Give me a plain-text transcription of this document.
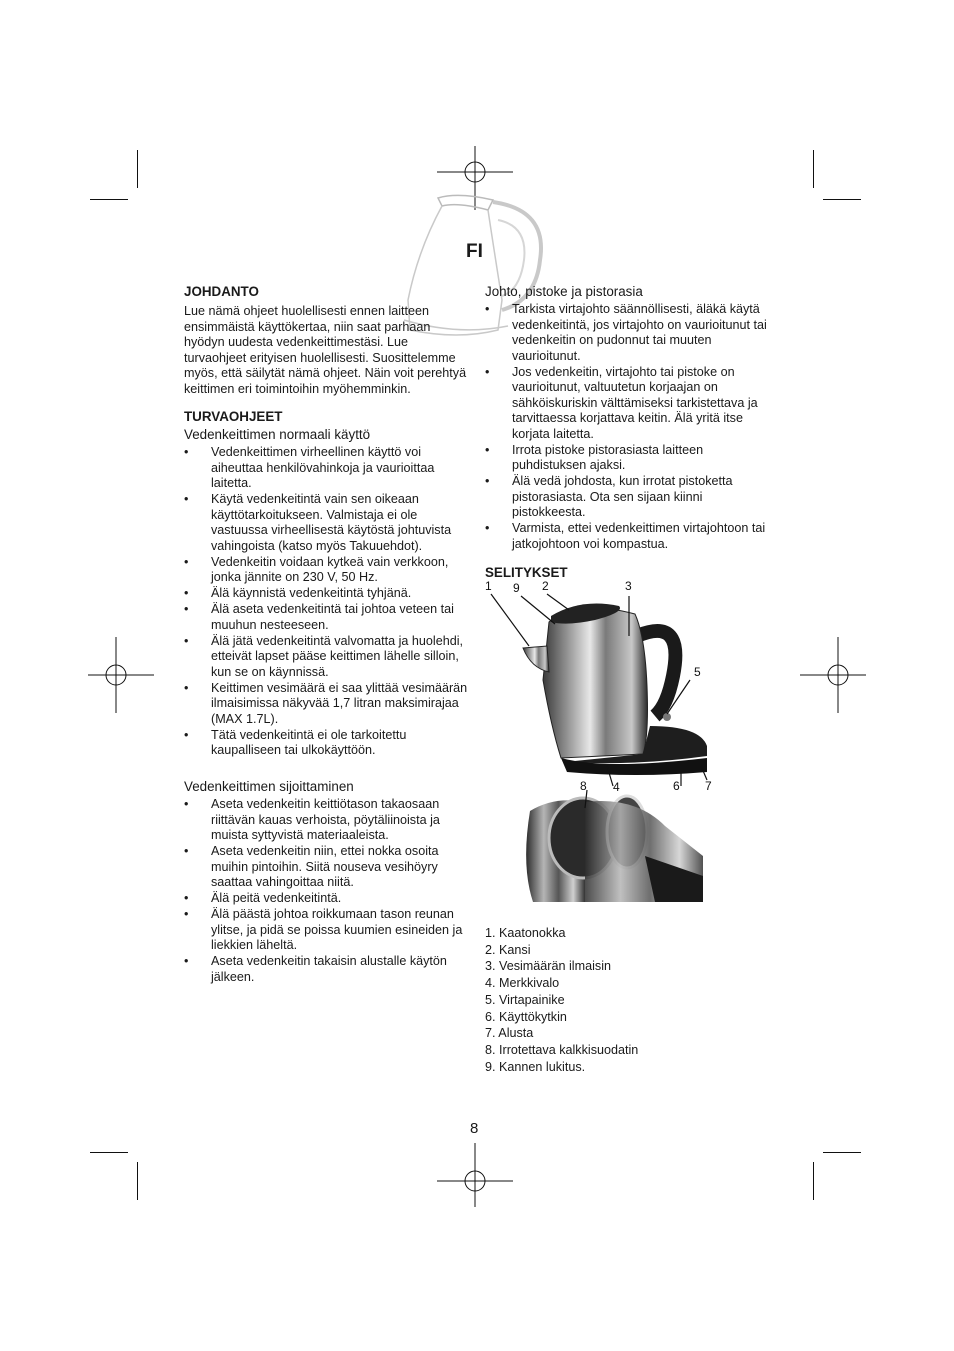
FI
JOHDANTO

Lue nämä ohjeet huolellisesti ennen laitteen ensimmäistä käyttökertaa, niin saat parhaan hyödyn uudesta vedenkeittimestäsi. Lue turvaohjeet erityisen huolellisesti. Suosittelemme myös, että säilytät nämä ohjeet. Näin voit perehtyä keittimen eri toimintoihin myöhemminkin.

TURVAOHJEET
Vedenkeittimen normaali käyttö
• Vedenkeittimen virheellinen käyttö voi aiheuttaa henkilövahinkoja ja vaurioittaa laitetta.
• Käytä vedenkeitintä vain sen oikeaan käyttötarkoitukseen. Valmistaja ei ole vastuussa virheellisestä käytöstä johtuvista vahingoista (katso myös Takuuehdot).
• Vedenkeitin voidaan kytkeä vain verkkoon, jonka jännite on 230 V, 50 Hz.
• Älä käynnistä vedenkeitintä tyhjänä.
• Älä aseta vedenkeitintä tai johtoa veteen tai muuhun nesteeseen.
• Älä jätä vedenkeitintä valvomatta ja huolehdi, etteivät lapset pääse keittimen lähelle silloin, kun se on käynnissä.
• Keittimen vesimäärä ei saa ylittää vesimäärän ilmaisimissa näkyvää 1,7 litran maksimirajaa (MAX 1.7L).
• Tätä vedenkeitintä ei ole tarkoitettu kaupalliseen tai ulkokäyttöön.
Vedenkeittimen sijoittaminen
• Aseta vedenkeitin keittiötason takaosaan riittävän kauas verhoista, pöytäliinoista ja muista syttyvistä materiaaleista.
• Aseta vedenkeitin niin, ettei nokka osoita muihin pintoihin. Siitä nouseva vesihöyry saattaa vahingoittaa niitä.
• Älä peitä vedenkeitintä.
• Älä päästä johtoa roikkumaan tason reunan ylitse, ja pidä se poissa kuumien esineiden ja liekkien läheltä.
• Aseta vedenkeitin takaisin alustalle käytön jälkeen.
Johto, pistoke ja pistorasia
• Tarkista virtajohto säännöllisesti, äläkä käytä vedenkeitintä, jos virtajohto on vaurioitunut tai vedenkeitin on pudonnut tai muuten vaurioitunut.
• Jos vedenkeitin, virtajohto tai pistoke on vaurioitunut, valtuutetun korjaajan on sähköiskuriskin välttämiseksi tarkistettava ja tarvittaessa korjattava keitin. Älä yritä itse korjata laitetta.
• Irrota pistoke pistorasiasta laitteen puhdistuksen ajaksi.
• Älä vedä johdosta, kun irrotat pistoketta pistorasiasta. Ota sen sijaan kiinni pistokkeesta.
• Varmista, ettei vedenkeittimen virtajohtoon tai jatkojohtoon voi kompastua.
SELITYKSET
1 9 2	3
5
8 4	6 7
1. Kaatonokka
2. Kansi
3. Vesimäärän ilmaisin
4. Merkkivalo
5. Virtapainike
6. Käyttökytkin
7. Alusta
8. Irrotettava kalkkisuodatin
9. Kannen lukitus.
8
